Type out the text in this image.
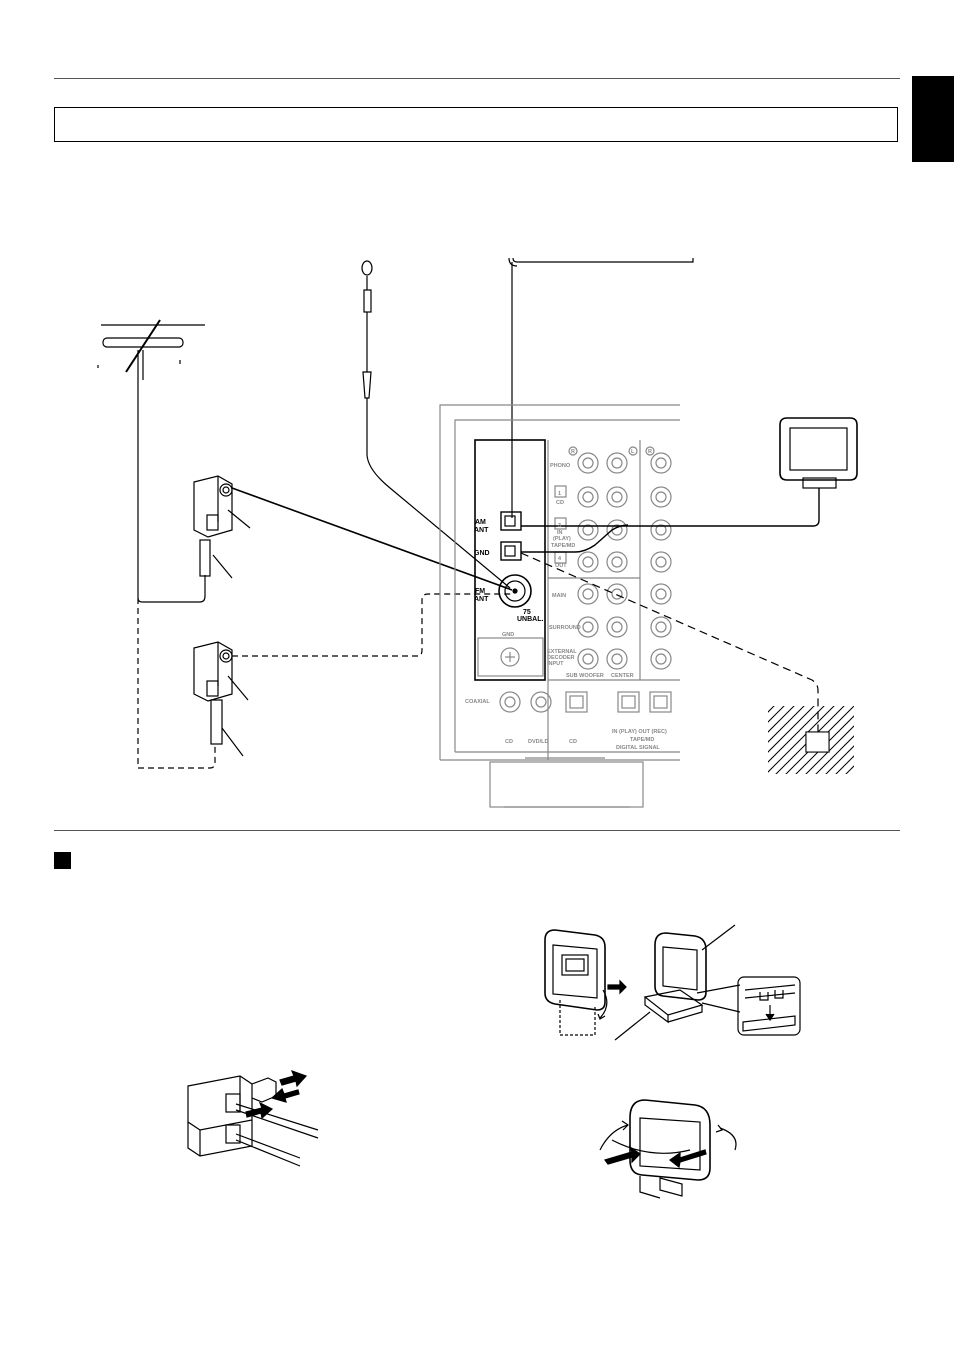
AM
ANT
GND
FM
ANT
75
UNBAL.
GND
PHONO
1
CD
3
IN
(PLAY)
TAPE/MD
4
OUT
MAIN
SURROUND
EXTERNAL
DECODER
INPUT
SUB WOOFER CENTER
COAXIAL
CD	DVD/LD	CD
IN (PLAY) OUT (REC)
TAPE/MD
DIGITAL SIGNAL
R	L R
